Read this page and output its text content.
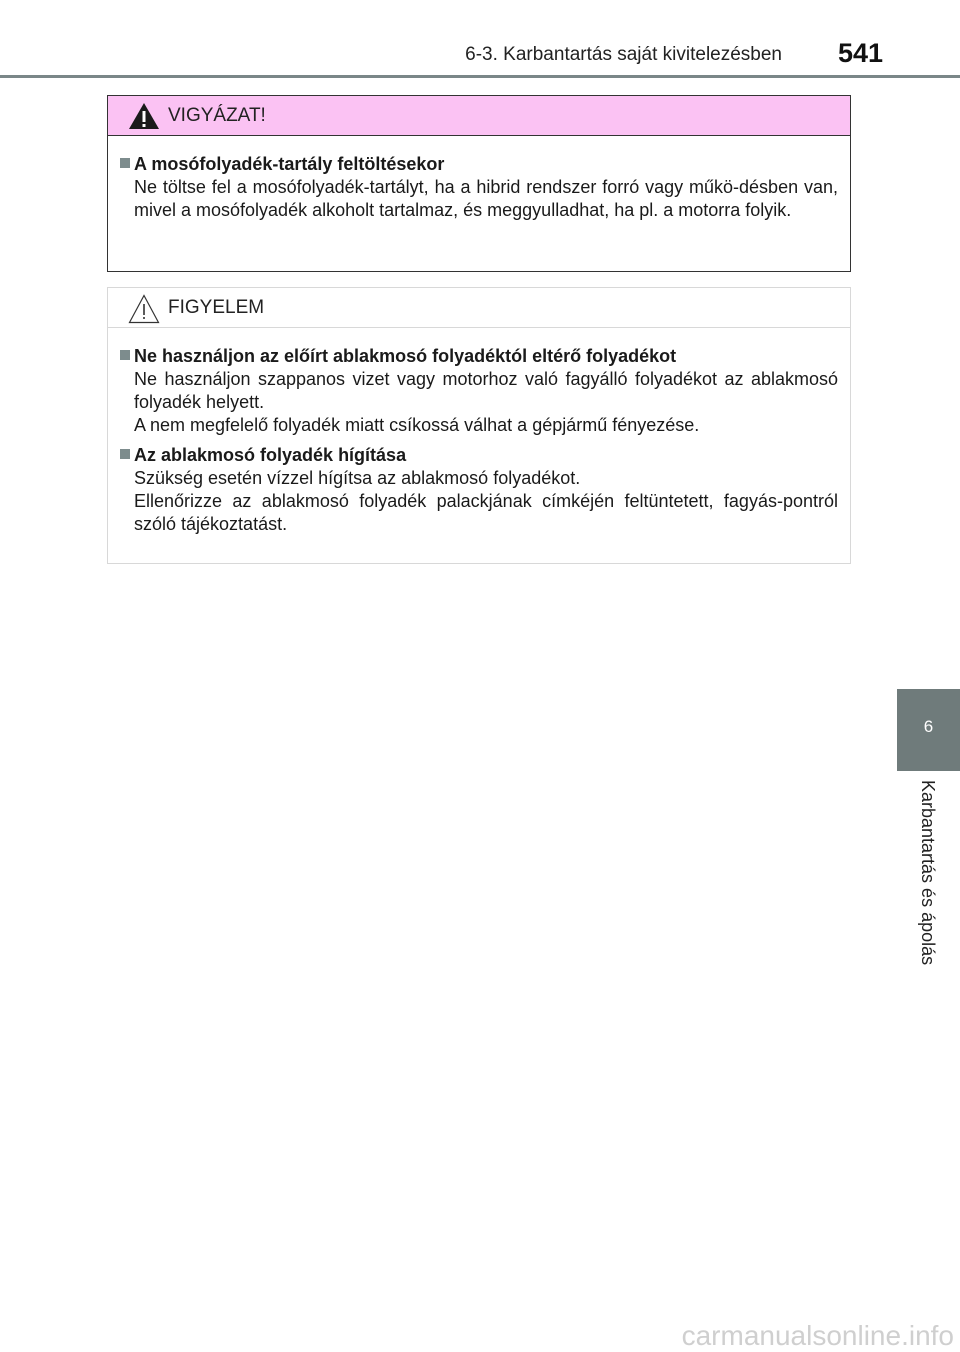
6-3. Karbantartás saját kivitelezésben 541
VIGYÁZAT!
A mosófolyadék-tartály feltöltésekor
Ne töltse fel a mosófolyadék-tartályt, ha a hibrid rendszer forró vagy műkö-désben van, mivel a mosófolyadék alkoholt tartalmaz, és meggyulladhat, ha pl. a motorra folyik.
FIGYELEM
Ne használjon az előírt ablakmosó folyadéktól eltérő folyadékot
Ne használjon szappanos vizet vagy motorhoz való fagyálló folyadékot az ablakmosó folyadék helyett.
A nem megfelelő folyadék miatt csíkossá válhat a gépjármű fényezése.
Az ablakmosó folyadék hígítása
Szükség esetén vízzel hígítsa az ablakmosó folyadékot.
Ellenőrizze az ablakmosó folyadék palackjának címkéjén feltüntetett, fagyás-pontról szóló tájékoztatást.
6
Karbantartás és ápolás
carmanualsonline.info
